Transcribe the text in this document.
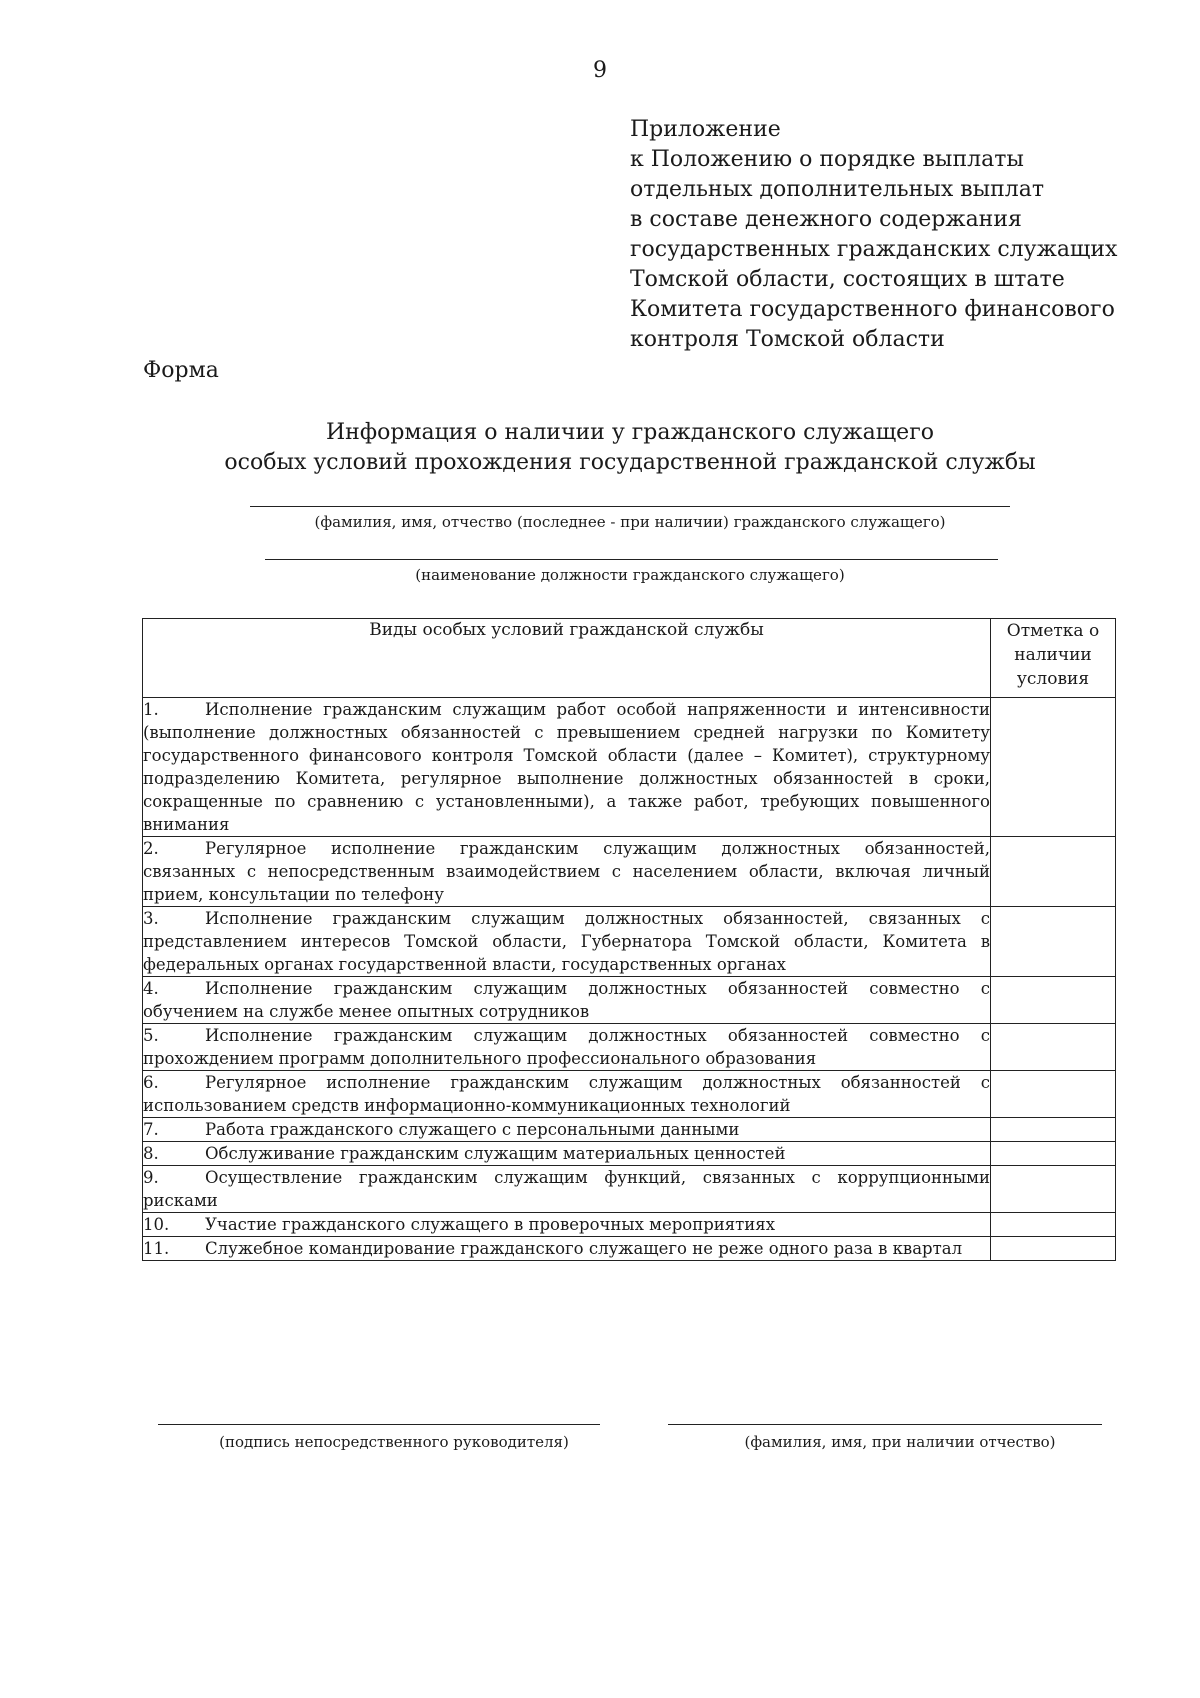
9
Приложение
к Положению о порядке выплаты
отдельных дополнительных выплат
в составе денежного содержания
государственных гражданских служащих
Томской области, состоящих в штате
Комитета государственного финансового
контроля Томской области
Форма
Информация о наличии у гражданского служащего
особых условий прохождения государственной гражданской службы
(фамилия, имя, отчество (последнее - при наличии) гражданского служащего)
(наименование должности гражданского служащего)
Виды особых условий гражданской службы	Отметка о наличии условия

1. Исполнение гражданским служащим работ особой напряженности и интенсивности (выполнение должностных обязанностей с превышением средней нагрузки по Комитету государственного финансового контроля Томской области (далее – Комитет), структурному подразделению Комитета, регулярное выполнение должностных обязанностей в сроки, сокращенные по сравнению с установленными), а также работ, требующих повышенного внимания	

2. Регулярное исполнение гражданским служащим должностных обязанностей, связанных с непосредственным взаимодействием с населением области, включая личный прием, консультации по телефону	

3. Исполнение гражданским служащим должностных обязанностей, связанных с представлением интересов Томской области, Губернатора Томской области, Комитета в федеральных органах государственной власти, государственных органах	

4. Исполнение гражданским служащим должностных обязанностей совместно с обучением на службе менее опытных сотрудников	

5. Исполнение гражданским служащим должностных обязанностей совместно с прохождением программ дополнительного профессионального образования	

6. Регулярное исполнение гражданским служащим должностных обязанностей с использованием средств информационно-коммуникационных технологий	

7. Работа гражданского служащего с персональными данными	

8. Обслуживание гражданским служащим материальных ценностей	

9. Осуществление гражданским служащим функций, связанных с коррупционными рисками	

10. Участие гражданского служащего в проверочных мероприятиях	

11. Служебное командирование гражданского служащего не реже одного раза в квартал	

(подпись непосредственного руководителя)	(фамилия, имя, при наличии отчество)
